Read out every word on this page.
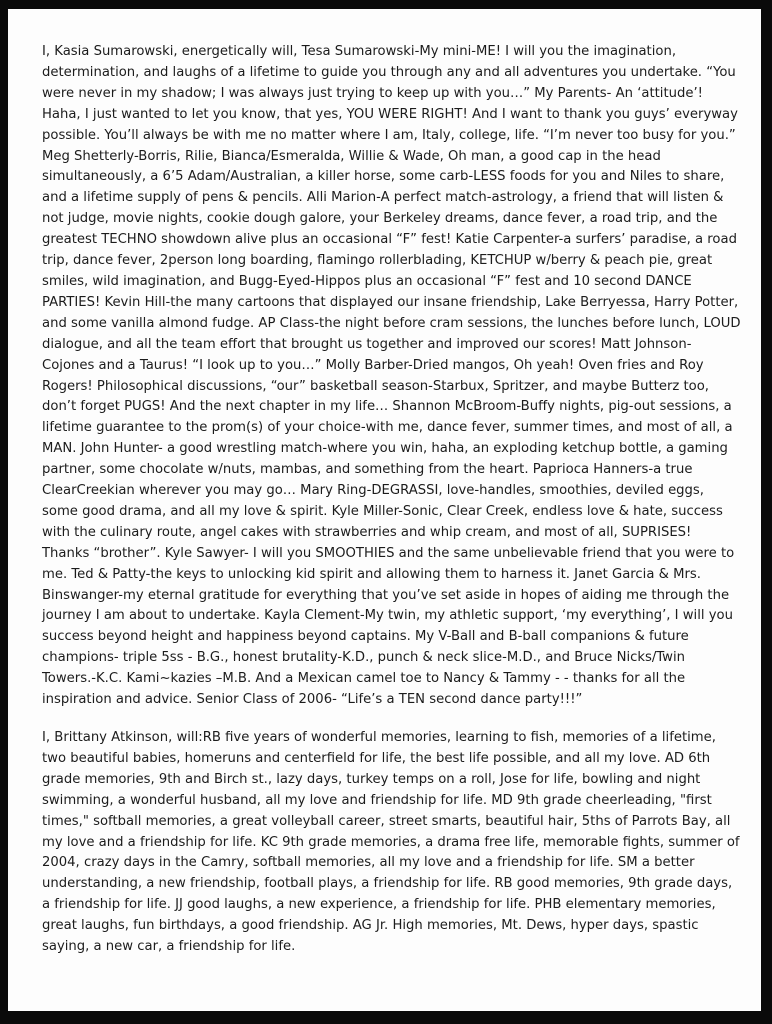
I, Kasia Sumarowski, energetically will, Tesa Sumarowski-My mini-ME! I will you the imagination, determination, and laughs of a lifetime to guide you through any and all adventures you undertake. “You were never in my shadow; I was always just trying to keep up with you…” My Parents- An ‘attitude’! Haha, I just wanted to let you know, that yes, YOU WERE RIGHT! And I want to thank you guys’ everyway possible. You’ll always be with me no matter where I am, Italy, college, life. “I’m never too busy for you.” Meg Shetterly-Borris, Rilie, Bianca/Esmeralda, Willie & Wade, Oh man, a good cap in the head simultaneously, a 6’5 Adam/Australian, a killer horse, some carb-LESS foods for you and Niles to share, and a lifetime supply of pens & pencils. Alli Marion-A perfect match-astrology, a friend that will listen & not judge, movie nights, cookie dough galore, your Berkeley dreams, dance fever, a road trip, and the greatest TECHNO showdown alive plus an occasional “F” fest! Katie Carpenter-a surfers’ paradise, a road trip, dance fever, 2person long boarding, flamingo rollerblading, KETCHUP w/berry & peach pie, great smiles, wild imagination, and Bugg-Eyed-Hippos plus an occasional “F” fest and 10 second DANCE PARTIES! Kevin Hill-the many cartoons that displayed our insane friendship, Lake Berryessa, Harry Potter, and some vanilla almond fudge. AP Class-the night before cram sessions, the lunches before lunch, LOUD dialogue, and all the team effort that brought us together and improved our scores! Matt Johnson-Cojones and a Taurus! “I look up to you…” Molly Barber-Dried mangos, Oh yeah! Oven fries and Roy Rogers! Philosophical discussions, “our” basketball season-Starbux, Spritzer, and maybe Butterz too, don’t forget PUGS! And the next chapter in my life… Shannon McBroom-Buffy nights, pig-out sessions, a lifetime guarantee to the prom(s) of your choice-with me, dance fever, summer times, and most of all, a MAN. John Hunter- a good wrestling match-where you win, haha, an exploding ketchup bottle, a gaming partner, some chocolate w/nuts, mambas, and something from the heart. Paprioca Hanners-a true ClearCreekian wherever you may go… Mary Ring-DEGRASSI, love-handles, smoothies, deviled eggs, some good drama, and all my love & spirit. Kyle Miller-Sonic, Clear Creek, endless love & hate, success with the culinary route, angel cakes with strawberries and whip cream, and most of all, SUPRISES! Thanks “brother”. Kyle Sawyer- I will you SMOOTHIES and the same unbelievable friend that you were to me. Ted & Patty-the keys to unlocking kid spirit and allowing them to harness it. Janet Garcia & Mrs. Binswanger-my eternal gratitude for everything that you’ve set aside in hopes of aiding me through the journey I am about to undertake. Kayla Clement-My twin, my athletic support, ‘my everything’, I will you success beyond height and happiness beyond captains. My V-Ball and B-ball companions & future champions- triple 5ss - B.G., honest brutality-K.D., punch & neck slice-M.D., and Bruce Nicks/Twin Towers.-K.C. Kami~kazies –M.B. And a Mexican camel toe to Nancy & Tammy - - thanks for all the inspiration and advice. Senior Class of 2006- “Life’s a TEN second dance party!!!”

I, Brittany Atkinson, will:RB five years of wonderful memories, learning to fish, memories of a lifetime, two beautiful babies, homeruns and centerfield for life, the best life possible, and all my love. AD 6th grade memories, 9th and Birch st., lazy days, turkey temps on a roll, Jose for life, bowling and night swimming, a wonderful husband, all my love and friendship for life. MD 9th grade cheerleading, "first times," softball memories, a great volleyball career, street smarts, beautiful hair, 5ths of Parrots Bay, all my love and a friendship for life. KC 9th grade memories, a drama free life, memorable fights, summer of 2004, crazy days in the Camry, softball memories, all my love and a friendship for life. SM a better understanding, a new friendship, football plays, a friendship for life. RB good memories, 9th grade days, a friendship for life. JJ good laughs, a new experience, a friendship for life. PHB elementary memories, great laughs, fun birthdays, a good friendship. AG Jr. High memories, Mt. Dews, hyper days, spastic saying, a new car, a friendship for life.
